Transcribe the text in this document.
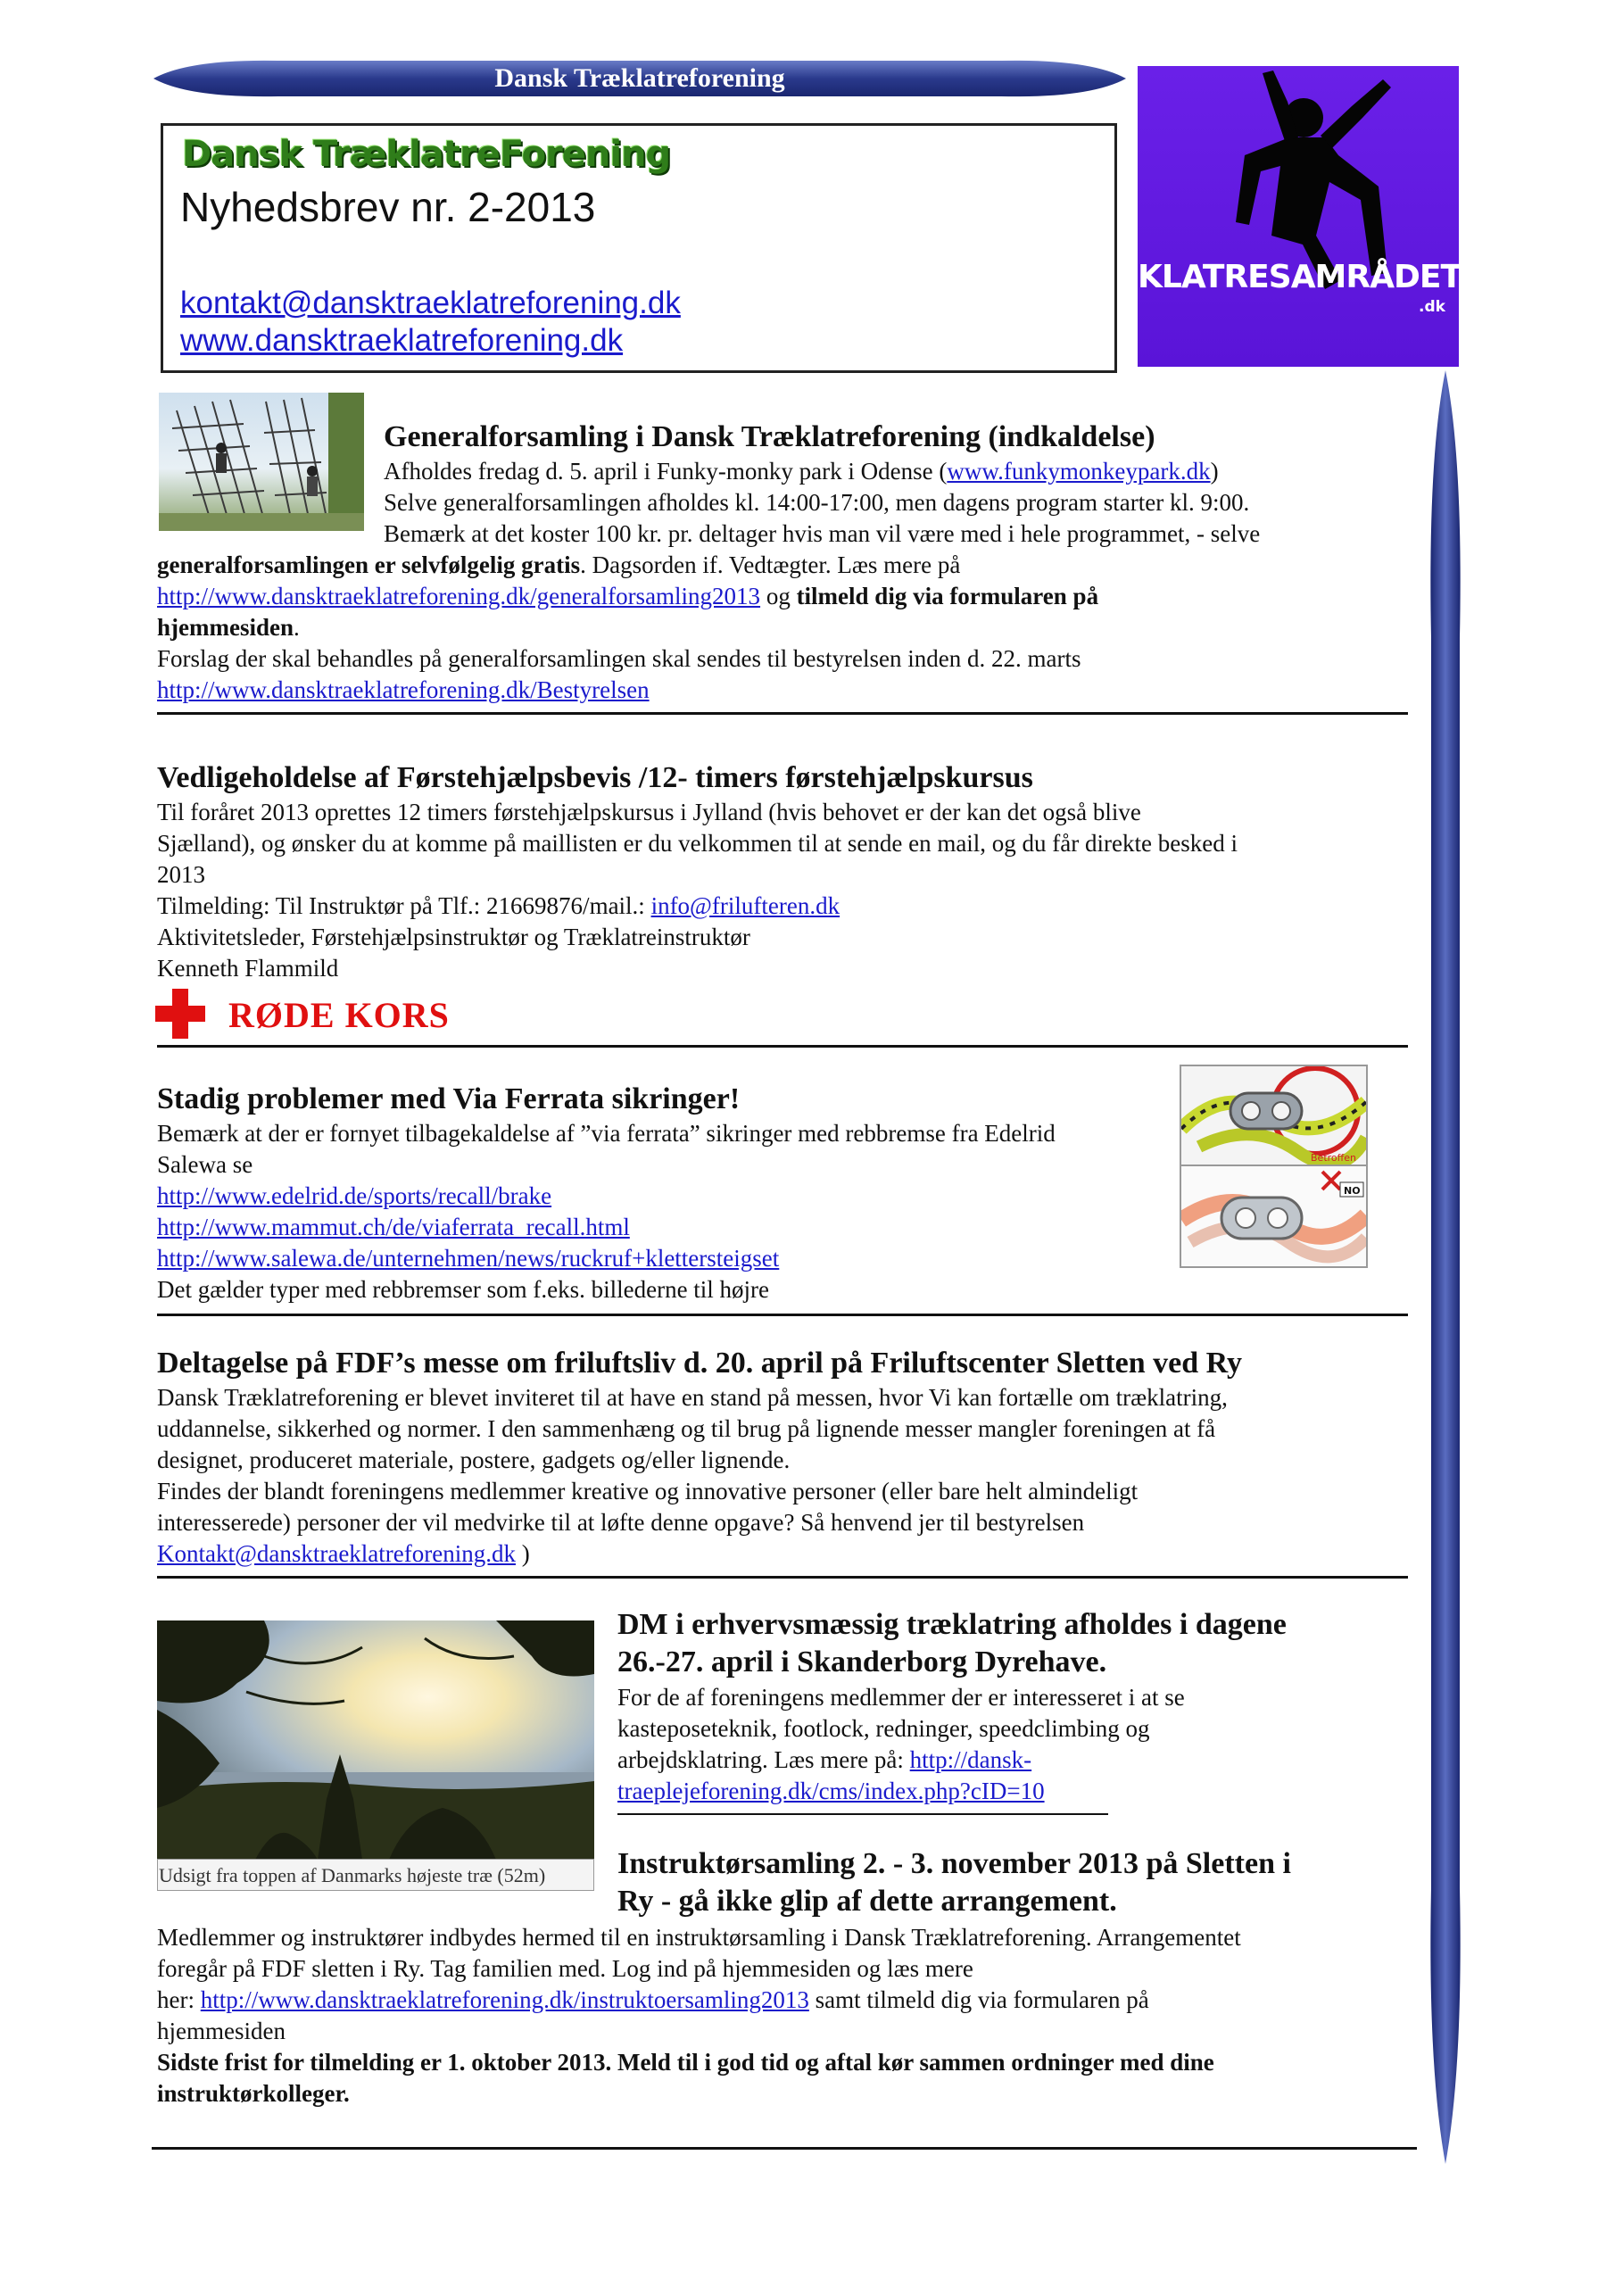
Dansk Træklatreforening
Dansk TræklatreForening
Nyhedsbrev nr. 2-2013
kontakt@dansktraeklatreforening.dk
www.dansktraeklatreforening.dk
KLATRESAMRÅDET
.dk
Generalforsamling i Dansk Træklatreforening (indkaldelse)
Afholdes fredag d. 5. april i Funky-monky park i Odense (www.funkymonkeypark.dk)
Selve generalforsamlingen afholdes kl. 14:00-17:00, men dagens program starter kl. 9:00.
Bemærk at det koster 100 kr. pr. deltager hvis man vil være med i hele programmet, - selve
generalforsamlingen er selvfølgelig gratis. Dagsorden if. Vedtægter. Læs mere på
http://www.dansktraeklatreforening.dk/generalforsamling2013 og tilmeld dig via formularen på
hjemmesiden.
Forslag der skal behandles på generalforsamlingen skal sendes til bestyrelsen inden d. 22. marts
http://www.dansktraeklatreforening.dk/Bestyrelsen
Vedligeholdelse af Førstehjælpsbevis /12- timers førstehjælpskursus
Til foråret 2013 oprettes 12 timers førstehjælpskursus i Jylland (hvis behovet er der kan det også blive
Sjælland), og ønsker du at komme på maillisten er du velkommen til at sende en mail, og du får direkte besked i
2013
Tilmelding: Til Instruktør på Tlf.: 21669876/mail.: info@frilufteren.dk
Aktivitetsleder, Førstehjælpsinstruktør og Træklatreinstruktør
Kenneth Flammild
RØDE KORS
Stadig problemer med Via Ferrata sikringer!
Bemærk at der er fornyet tilbagekaldelse af ”via ferrata” sikringer med rebbremse fra Edelrid
Salewa se
http://www.edelrid.de/sports/recall/brake
http://www.mammut.ch/de/viaferrata_recall.html
http://www.salewa.de/unternehmen/news/ruckruf+klettersteigset
Det gælder typer med rebbremser som f.eks. billederne til højre
Betroffen
NO
Deltagelse på FDF’s messe om friluftsliv d. 20. april på Friluftscenter Sletten ved Ry
Dansk Træklatreforening er blevet inviteret til at have en stand på messen, hvor Vi kan fortælle om træklatring,
uddannelse, sikkerhed og normer. I den sammenhæng og til brug på lignende messer mangler foreningen at få
designet, produceret materiale, postere, gadgets og/eller lignende.
Findes der blandt foreningens medlemmer kreative og innovative personer (eller bare helt almindeligt
interesserede) personer der vil medvirke til at løfte denne opgave? Så henvend jer til bestyrelsen
Kontakt@dansktraeklatreforening.dk )
Udsigt fra toppen af Danmarks højeste træ (52m)
DM i erhvervsmæssig træklatring afholdes i dagene
26.-27. april i Skanderborg Dyrehave.
For de af foreningens medlemmer der er interesseret i at se
kasteposeteknik, footlock, redninger, speedclimbing og
arbejdsklatring. Læs mere på: http://dansk-
traeplejeforening.dk/cms/index.php?cID=10
Instruktørsamling 2. - 3. november 2013 på Sletten i
Ry - gå ikke glip af dette arrangement.
Medlemmer og instruktører indbydes hermed til en instruktørsamling i Dansk Træklatreforening. Arrangementet
foregår på FDF sletten i Ry. Tag familien med. Log ind på hjemmesiden og læs mere
her: http://www.dansktraeklatreforening.dk/instruktoersamling2013 samt tilmeld dig via formularen på
hjemmesiden
Sidste frist for tilmelding er 1. oktober 2013. Meld til i god tid og aftal kør sammen ordninger med dine
instruktørkolleger.
